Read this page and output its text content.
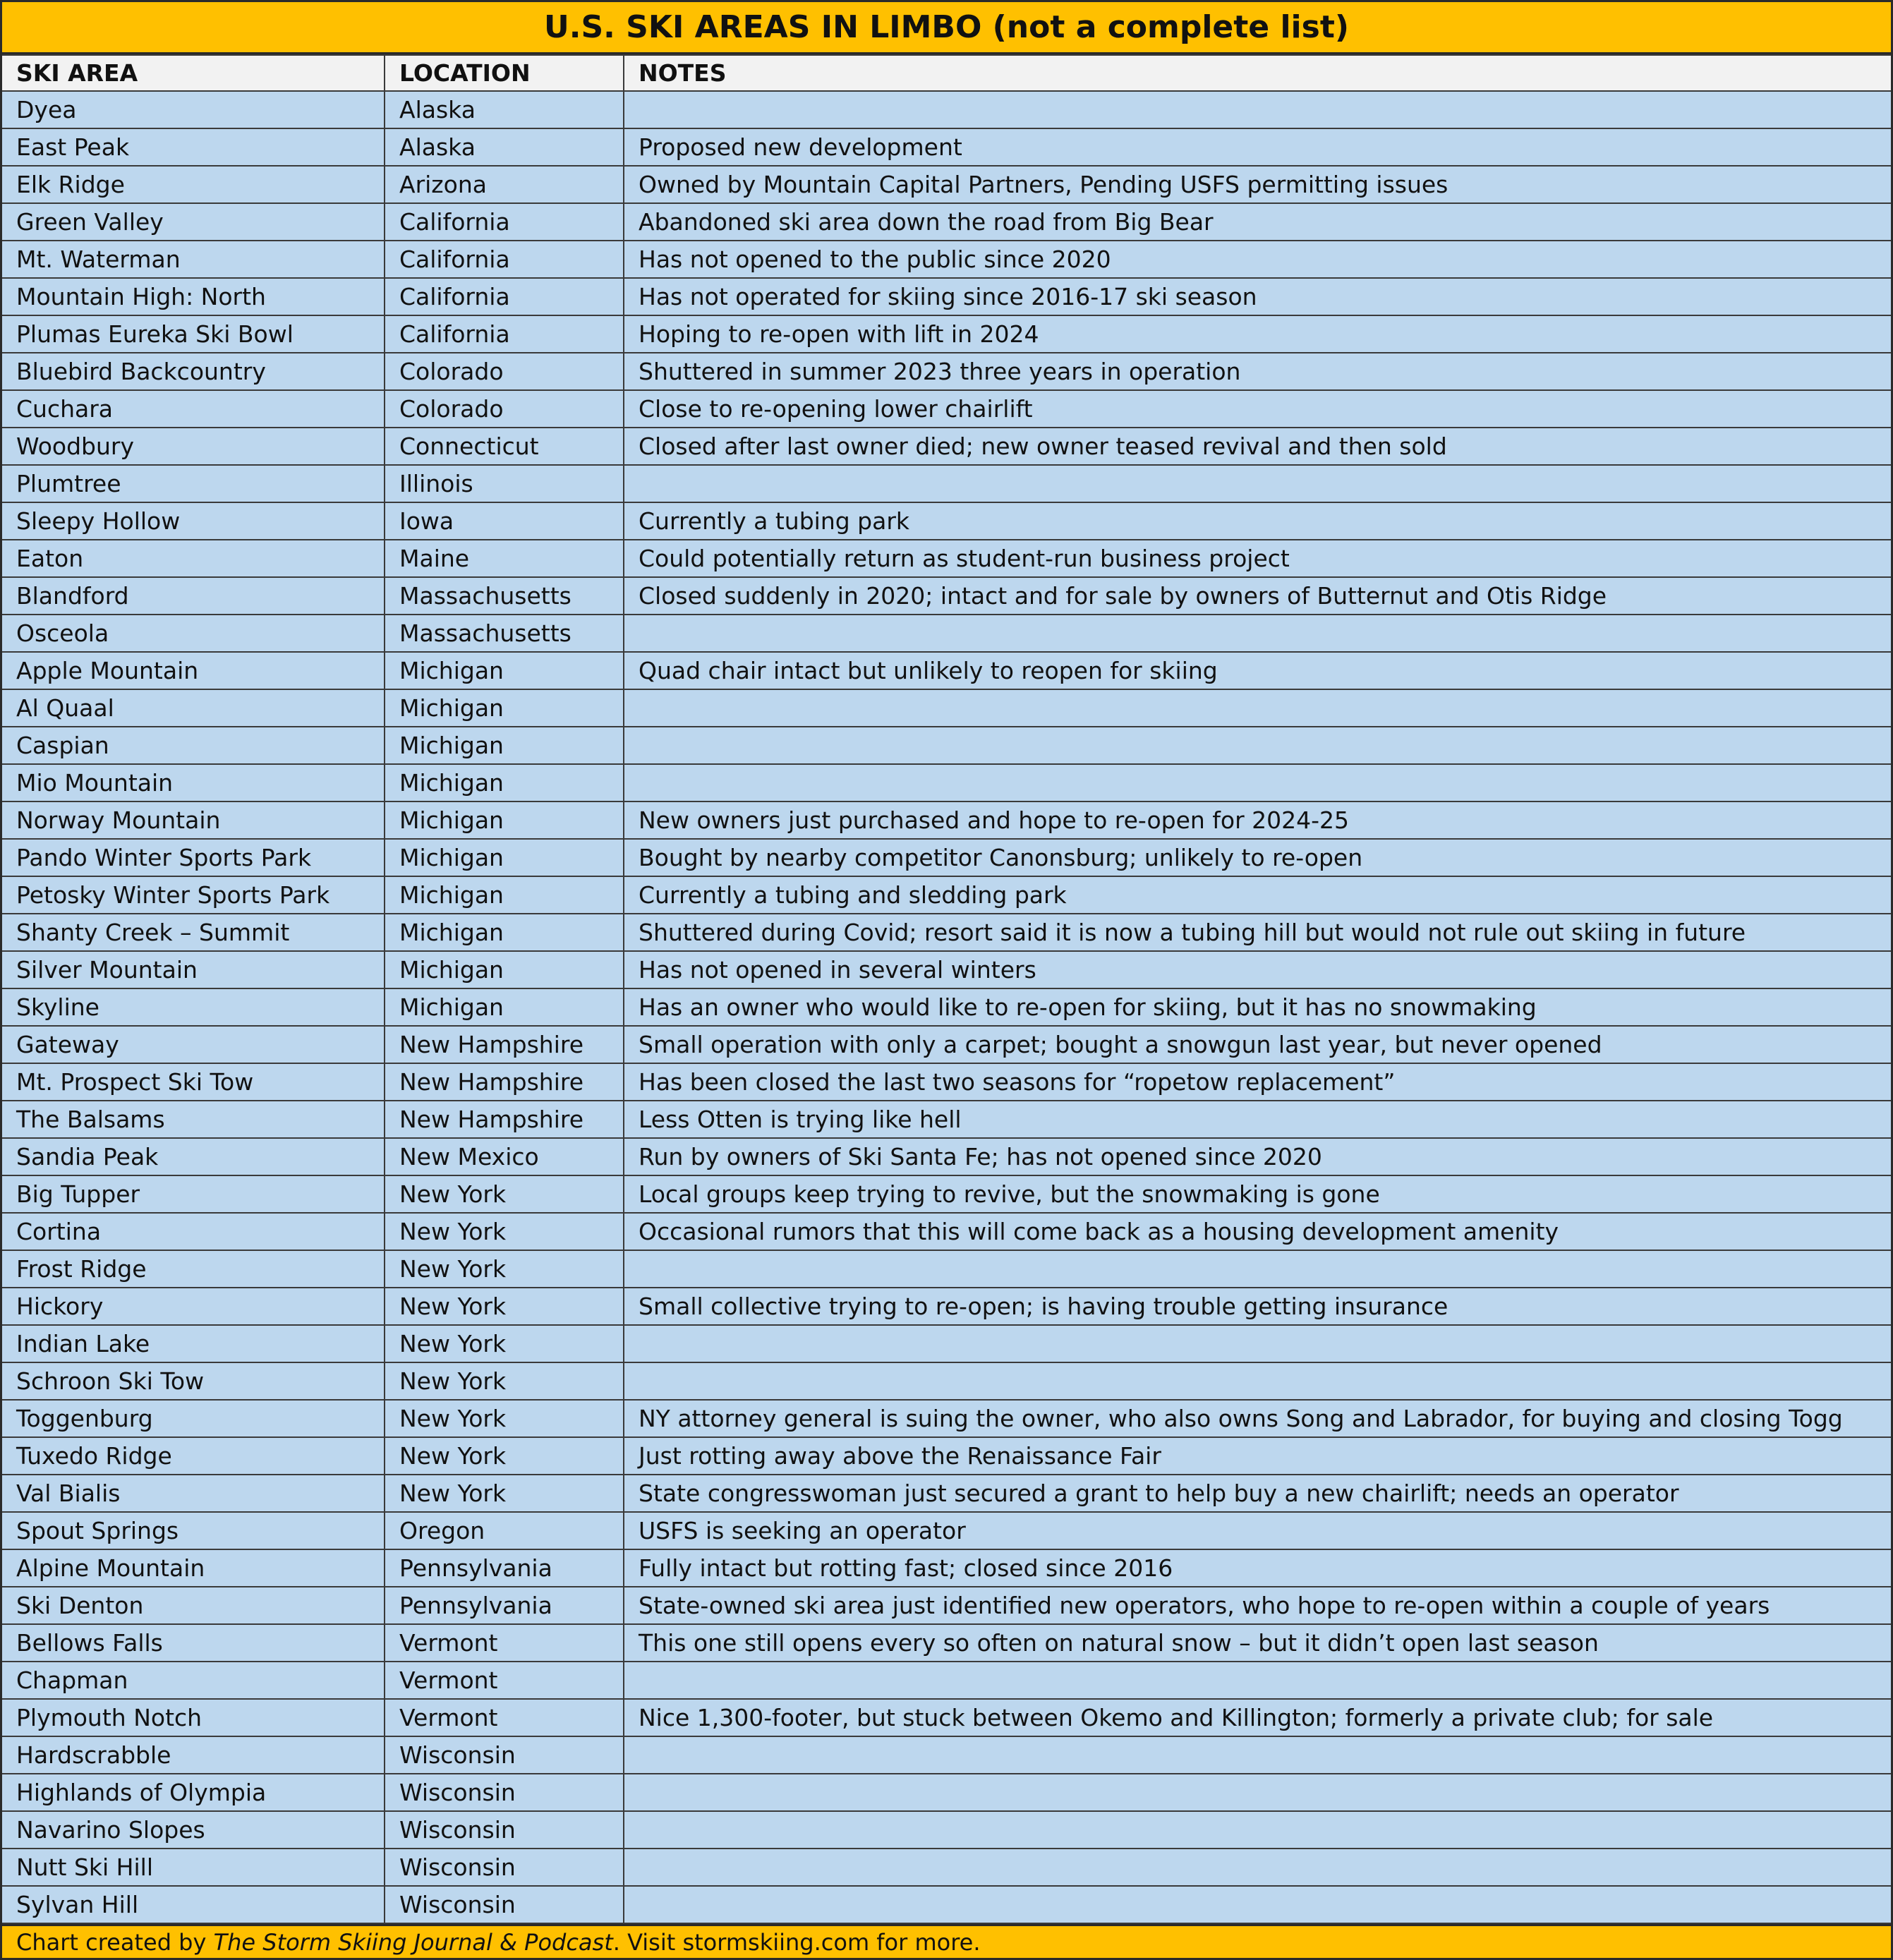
U.S. SKI AREAS IN LIMBO (not a complete list)
SKI AREA	LOCATION	NOTES
Dyea	Alaska	
East Peak	Alaska	Proposed new development
Elk Ridge	Arizona	Owned by Mountain Capital Partners, Pending USFS permitting issues
Green Valley	California	Abandoned ski area down the road from Big Bear
Mt. Waterman	California	Has not opened to the public since 2020
Mountain High: North	California	Has not operated for skiing since 2016-17 ski season
Plumas Eureka Ski Bowl	California	Hoping to re-open with lift in 2024
Bluebird Backcountry	Colorado	Shuttered in summer 2023 three years in operation
Cuchara	Colorado	Close to re-opening lower chairlift
Woodbury	Connecticut	Closed after last owner died; new owner teased revival and then sold
Plumtree	Illinois	
Sleepy Hollow	Iowa	Currently a tubing park
Eaton	Maine	Could potentially return as student-run business project
Blandford	Massachusetts	Closed suddenly in 2020; intact and for sale by owners of Butternut and Otis Ridge
Osceola	Massachusetts	
Apple Mountain	Michigan	Quad chair intact but unlikely to reopen for skiing
Al Quaal	Michigan	
Caspian	Michigan	
Mio Mountain	Michigan	
Norway Mountain	Michigan	New owners just purchased and hope to re-open for 2024-25
Pando Winter Sports Park	Michigan	Bought by nearby competitor Canonsburg; unlikely to re-open
Petosky Winter Sports Park	Michigan	Currently a tubing and sledding park
Shanty Creek – Summit	Michigan	Shuttered during Covid; resort said it is now a tubing hill but would not rule out skiing in future
Silver Mountain	Michigan	Has not opened in several winters
Skyline	Michigan	Has an owner who would like to re-open for skiing, but it has no snowmaking
Gateway	New Hampshire	Small operation with only a carpet; bought a snowgun last year, but never opened
Mt. Prospect Ski Tow	New Hampshire	Has been closed the last two seasons for “ropetow replacement”
The Balsams	New Hampshire	Less Otten is trying like hell
Sandia Peak	New Mexico	Run by owners of Ski Santa Fe; has not opened since 2020
Big Tupper	New York	Local groups keep trying to revive, but the snowmaking is gone
Cortina	New York	Occasional rumors that this will come back as a housing development amenity
Frost Ridge	New York	
Hickory	New York	Small collective trying to re-open; is having trouble getting insurance
Indian Lake	New York	
Schroon Ski Tow	New York	
Toggenburg	New York	NY attorney general is suing the owner, who also owns Song and Labrador, for buying and closing Togg
Tuxedo Ridge	New York	Just rotting away above the Renaissance Fair
Val Bialis	New York	State congresswoman just secured a grant to help buy a new chairlift; needs an operator
Spout Springs	Oregon	USFS is seeking an operator
Alpine Mountain	Pennsylvania	Fully intact but rotting fast; closed since 2016
Ski Denton	Pennsylvania	State-owned ski area just identified new operators, who hope to re-open within a couple of years
Bellows Falls	Vermont	This one still opens every so often on natural snow – but it didn’t open last season
Chapman	Vermont	
Plymouth Notch	Vermont	Nice 1,300-footer, but stuck between Okemo and Killington; formerly a private club; for sale
Hardscrabble	Wisconsin	
Highlands of Olympia	Wisconsin	
Navarino Slopes	Wisconsin	
Nutt Ski Hill	Wisconsin	
Sylvan Hill	Wisconsin	
Chart created by
The Storm Skiing Journal & Podcast . Visit stormskiing.com for more.
